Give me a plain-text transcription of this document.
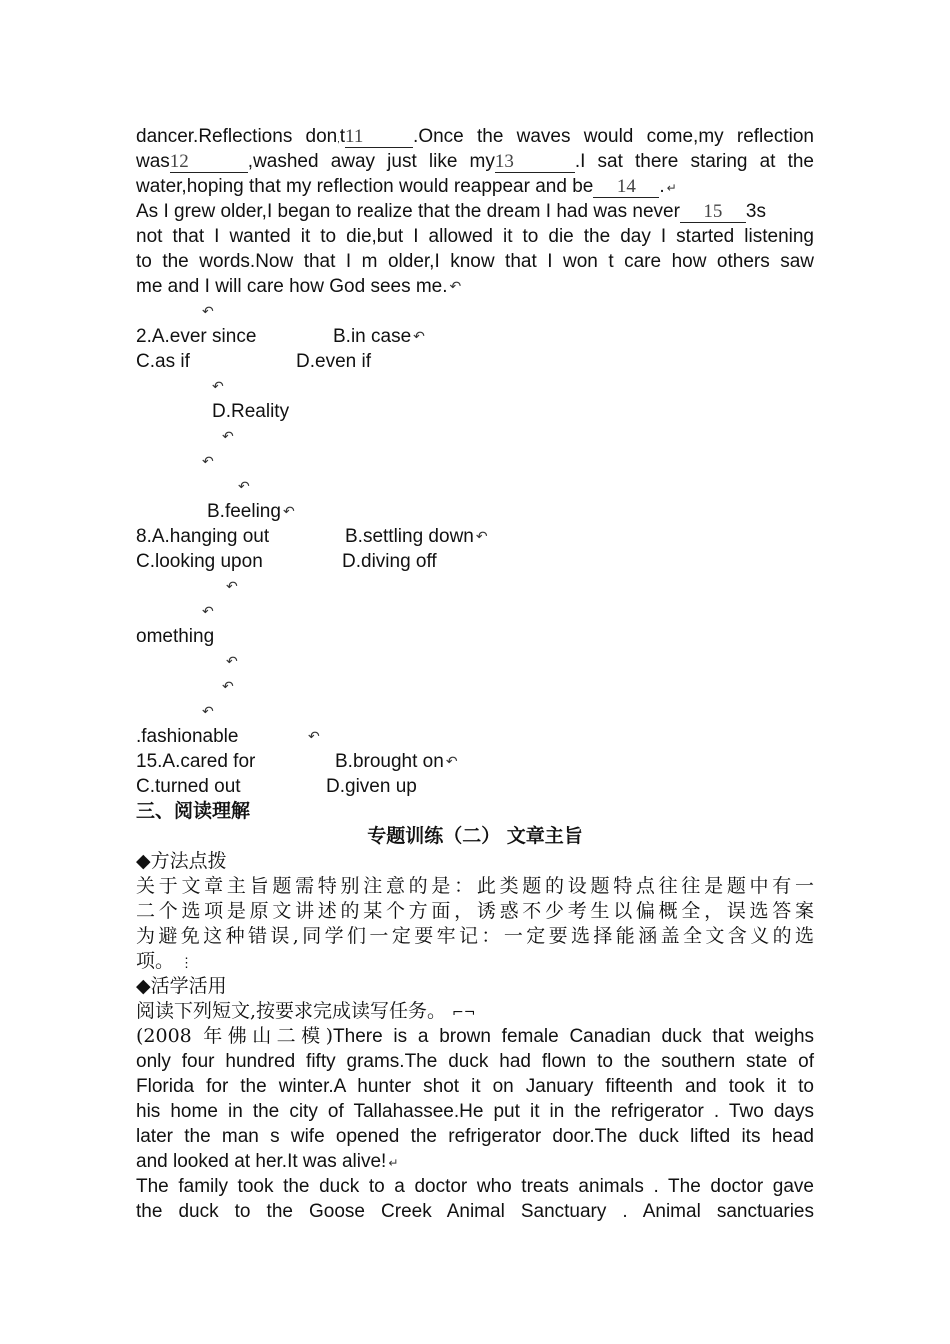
dancer.Reflections don,t11	.Once the waves would come,my reflection
was12	,washed away just like my13	.I sat there staring at the
water,hoping that my reflection would reappear and be 14 . ↵
As I grew older,I began to realize that the dream I had was never 15 3s
not that I wanted it to die,but I allowed it to die the day I started listening
to the words.Now that I m older,I know that I won t care how others saw
me and I will care how God sees me. ↶
↶
2.A.ever since	B.in case ↶
C.as if	D.even if
↶
D.Reality
↶
↶
↶
B.feeling ↶
8.A.hanging out	B.settling down ↶
C.looking upon	D.diving off
↶
↶
omething
↶
↶
↶
.fashionable	↶
15.A.cared for	B.brought on ↶
C.turned out	D.given up
三、阅读理解
专题训练（二） 文章主旨
◆方法点拨
关于文章主旨题需特别注意的是：此类题的设题特点往往是题中有一
二个选项是原文讲述的某个方面，诱惑不少考生以偏概全，误选答案
为避免这种错误,同学们一定要牢记：一定要选择能涵盖全文含义的选
项。 ⋮
◆活学活用
阅读下列短文,按要求完成读写任务。 ⌐¬
(2008 年佛山二模)There is a brown female Canadian duck that weighs
only four hundred fifty grams.The duck had flown to the southern state of
Florida for the winter.A hunter shot it on January fifteenth and took it to
his home in the city of Tallahassee.He put it in the refrigerator . Two days
later the man s wife opened the refrigerator door.The duck lifted its head
and looked at her.It was alive! ↵
The family took the duck to a doctor who treats animals . The doctor gave
the duck to the Goose Creek Animal Sanctuary . Animal sanctuaries
